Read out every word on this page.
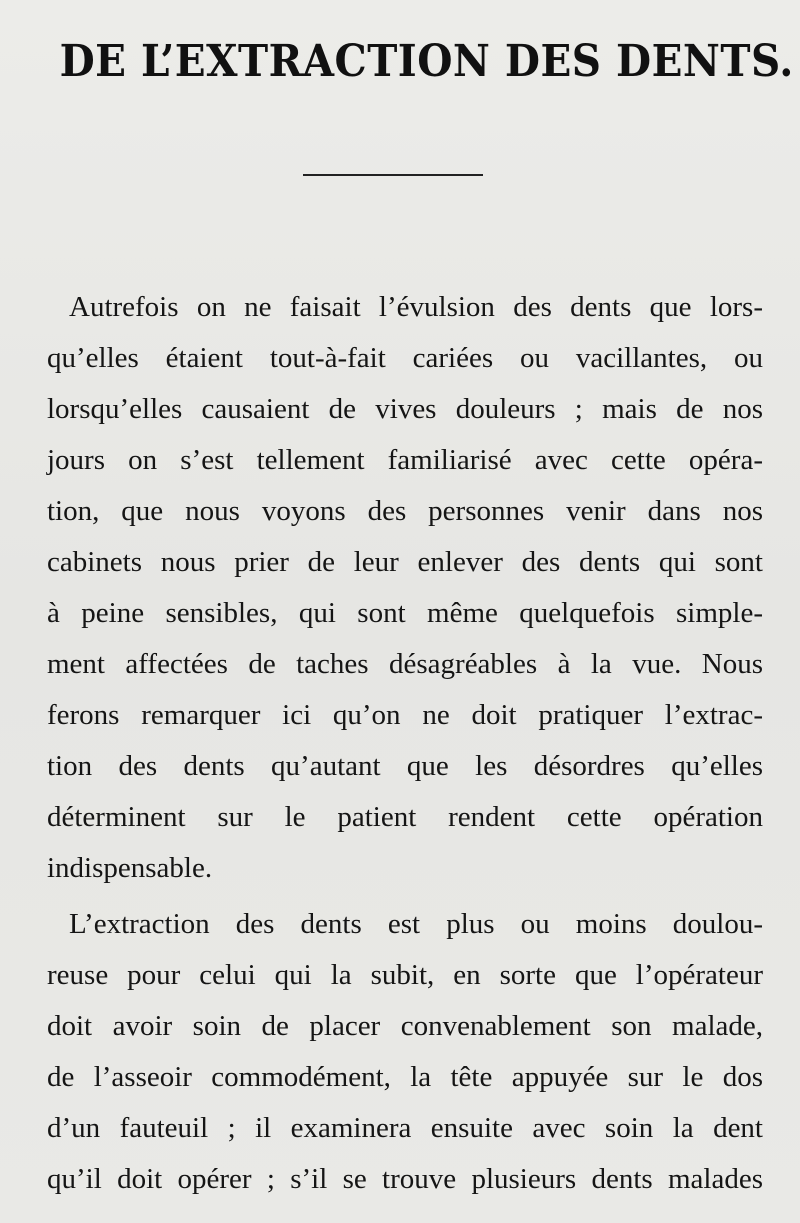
DE L’EXTRACTION DES DENTS.
Autrefois on ne faisait l’évulsion des dents que lors-
qu’elles étaient tout-à-fait cariées ou vacillantes, ou
lorsqu’elles causaient de vives douleurs ; mais de nos
jours on s’est tellement familiarisé avec cette opéra-
tion, que nous voyons des personnes venir dans nos
cabinets nous prier de leur enlever des dents qui sont
à peine sensibles, qui sont même quelquefois simple-
ment affectées de taches désagréables à la vue. Nous
ferons remarquer ici qu’on ne doit pratiquer l’extrac-
tion des dents qu’autant que les désordres qu’elles
déterminent sur le patient rendent cette opération
indispensable.
L’extraction des dents est plus ou moins doulou-
reuse pour celui qui la subit, en sorte que l’opérateur
doit avoir soin de placer convenablement son malade,
de l’asseoir commodément, la tête appuyée sur le dos
d’un fauteuil ; il examinera ensuite avec soin la dent
qu’il doit opérer ; s’il se trouve plusieurs dents malades
